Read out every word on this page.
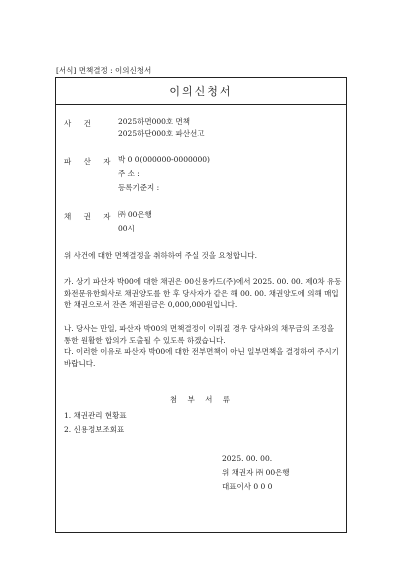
[서식] 면책결정 : 이의신청서
이의신청서
사 건	2025하면000호 면책
2025하단000호 파산선고
파 산 자 박 0 0(000000-0000000)
주 소 :
등록기준지 :
채 권 자 ㈜ 00은행
00시
위 사건에 대한 면책결정을 취하하여 주실 것을 요청합니다.
가. 상기 파산자 박00에 대한 채권은 00신용카드(주)에서 2025. 00. 00. 제0차 유동화전문유한회사로 채권양도를 한 후 당사자가 같은 해 00. 00. 채권양도에 의해 매입한 채권으로서 잔존 채권원금은 0,000,000원입니다.
나. 당사는 만일, 파산자 박00의 면책결정이 이뤄질 경우 당사와의 채무금의 조정을 통한 원활한 합의가 도출될 수 있도록 하겠습니다.
다. 이러한 이유로 파산자 박00에 대한 전부면책이 아닌 일부면책을 결정하여 주시기 바랍니다.
첨 부 서 류
1. 채권관리 현황표
2. 신용정보조회표
2025. 00. 00.
위 채권자 ㈜ 00은행
대표이사 0 0 0
